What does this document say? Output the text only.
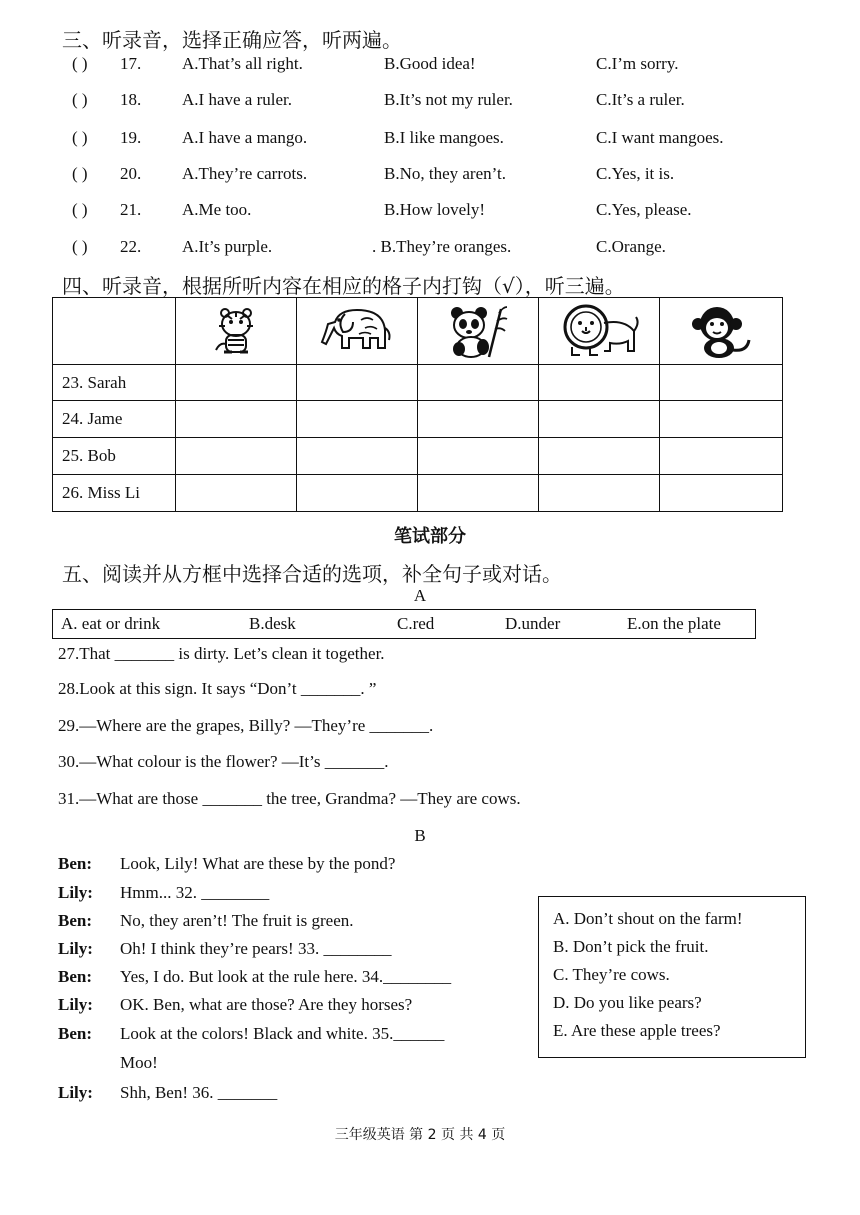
三、听录音，选择正确应答，听两遍。
( ) 17. A.That’s all right.	B.Good idea!	C.I’m sorry.
( ) 18. A.I have a ruler.	B.It’s not my ruler.	C.It’s a ruler.
( ) 19. A.I have a mango.	B.I like mangoes.	C.I want mangoes.
( ) 20. A.They’re carrots.	B.No, they aren’t.	C.Yes, it is.
( ) 21. A.Me too.	B.How lovely!	C.Yes, please.
( ) 22. A.It’s purple.	. B.They’re oranges.	C.Orange.
四、听录音，根据所听内容在相应的格子内打钩（√），听三遍。

23. Sarah					
24. Jame					
25. Bob					
26. Miss Li					
笔试部分
五、阅读并从方框中选择合适的选项，补全句子或对话。
A
A. eat or drink	B.desk	C.red	D.under	E.on the plate
27.That _______ is dirty. Let’s clean it together.
28.Look at this sign. It says “Don’t _______. ”
29.—Where are the grapes, Billy? —They’re _______.
30.—What colour is the flower? —It’s _______.
31.—What are those _______ the tree, Grandma? —They are cows.
B
Ben: Look, Lily! What are these by the pond?
Lily: Hmm... 32. ________
Ben: No, they aren’t! The fruit is green.
Lily: Oh! I think they’re pears! 33. ________
Ben: Yes, I do. But look at the rule here. 34.________
Lily: OK. Ben, what are those? Are they horses?
Ben: Look at the colors! Black and white. 35.______
Moo!
Lily: Shh, Ben! 36. _______
A. Don’t shout on the farm!
B. Don’t pick the fruit.
C. They’re cows.
D. Do you like pears?
E. Are these apple trees?
三年级英语 第 2 页 共 4 页
